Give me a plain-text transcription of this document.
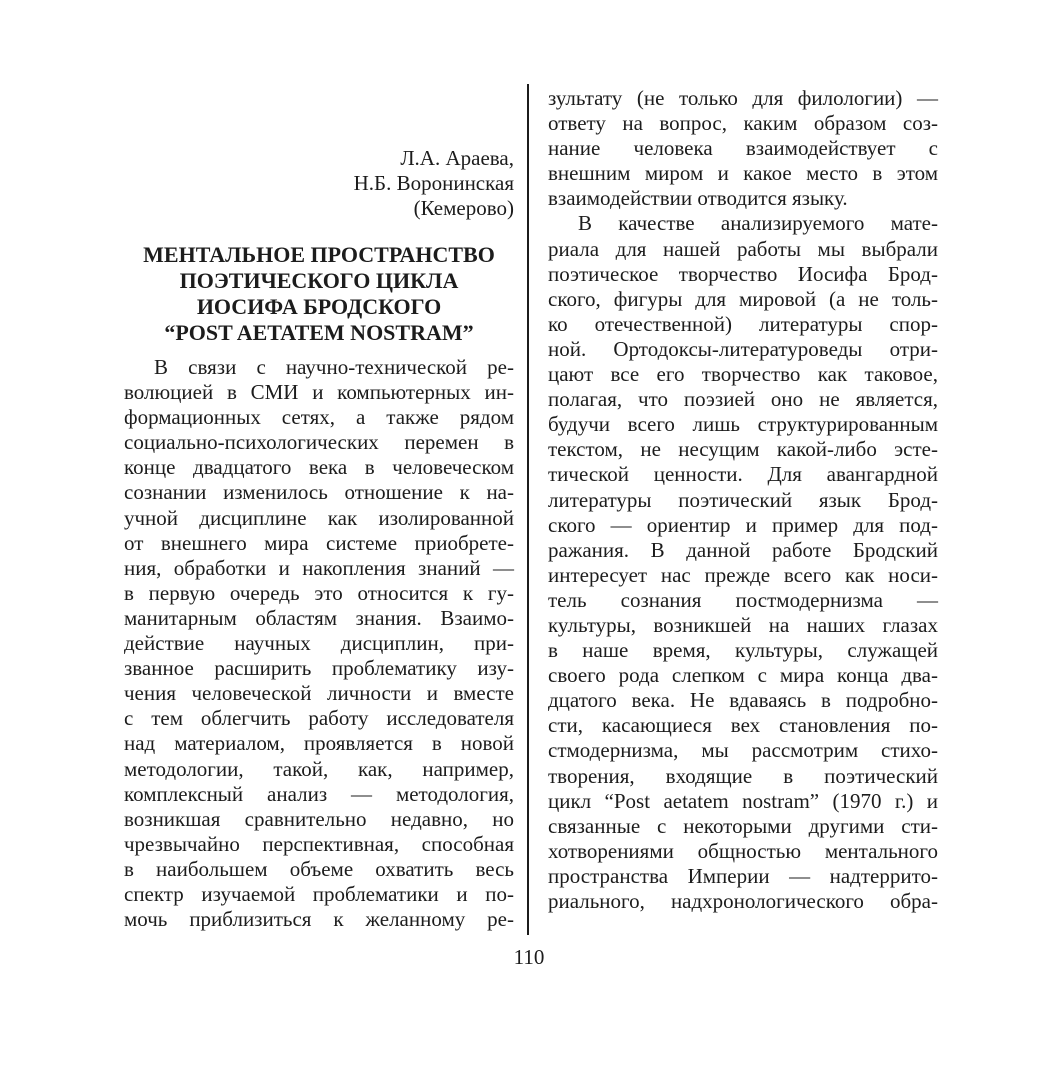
Л.А. Араева,
Н.Б. Воронинская
(Кемерово)
МЕНТАЛЬНОЕ ПРОСТРАНСТВО
ПОЭТИЧЕСКОГО ЦИКЛА
ИОСИФА БРОДСКОГО
“POST AETATEM NOSTRAM”
В связи с научно-технической ре-
волюцией в СМИ и компьютерных ин-
формационных сетях, а также рядом
социально-психологических перемен в
конце двадцатого века в человеческом
сознании изменилось отношение к на-
учной дисциплине как изолированной
от внешнего мира системе приобрете-
ния, обработки и накопления знаний —
в первую очередь это относится к гу-
манитарным областям знания. Взаимо-
действие научных дисциплин, при-
званное расширить проблематику изу-
чения человеческой личности и вместе
с тем облегчить работу исследователя
над материалом, проявляется в новой
методологии, такой, как, например,
комплексный анализ — методология,
возникшая сравнительно недавно, но
чрезвычайно перспективная, способная
в наибольшем объеме охватить весь
спектр изучаемой проблематики и по-
мочь приблизиться к желанному ре-
зультату (не только для филологии) —
ответу на вопрос, каким образом соз-
нание человека взаимодействует с
внешним миром и какое место в этом
взаимодействии отводится языку.
В качестве анализируемого мате-
риала для нашей работы мы выбрали
поэтическое творчество Иосифа Брод-
ского, фигуры для мировой (а не толь-
ко отечественной) литературы спор-
ной. Ортодоксы-литературоведы отри-
цают все его творчество как таковое,
полагая, что поэзией оно не является,
будучи всего лишь структурированным
текстом, не несущим какой-либо эсте-
тической ценности. Для авангардной
литературы поэтический язык Брод-
ского — ориентир и пример для под-
ражания. В данной работе Бродский
интересует нас прежде всего как носи-
тель сознания постмодернизма —
культуры, возникшей на наших глазах
в наше время, культуры, служащей
своего рода слепком с мира конца два-
дцатого века. Не вдаваясь в подробно-
сти, касающиеся вех становления по-
стмодернизма, мы рассмотрим стихо-
творения, входящие в поэтический
цикл “Post aetatem nostram” (1970 г.) и
связанные с некоторыми другими сти-
хотворениями общностью ментального
пространства Империи — надтеррито-
риального, надхронологического обра-
110
